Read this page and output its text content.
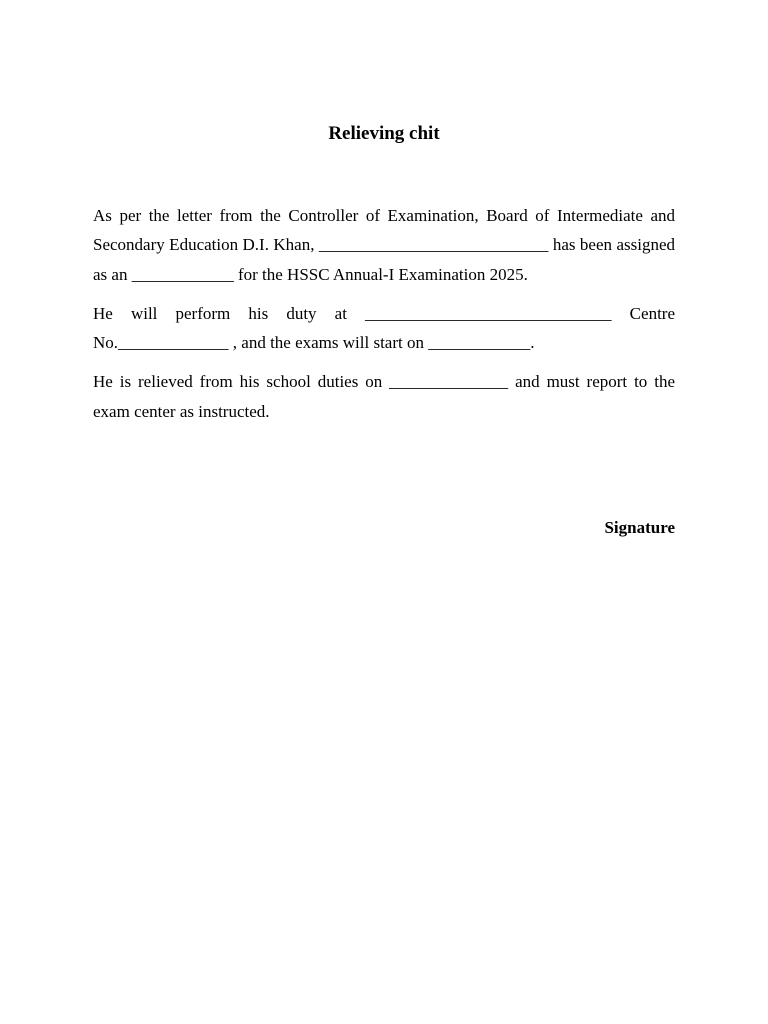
Relieving chit

As per the letter from the Controller of Examination, Board of Intermediate and Secondary Education D.I. Khan, ___________________________ has been assigned as an ____________ for the HSSC Annual-I Examination 2025.

He will perform his duty at _____________________________ Centre No._____________ , and the exams will start on ____________.

He is relieved from his school duties on ______________ and must report to the exam center as instructed.

Signature
